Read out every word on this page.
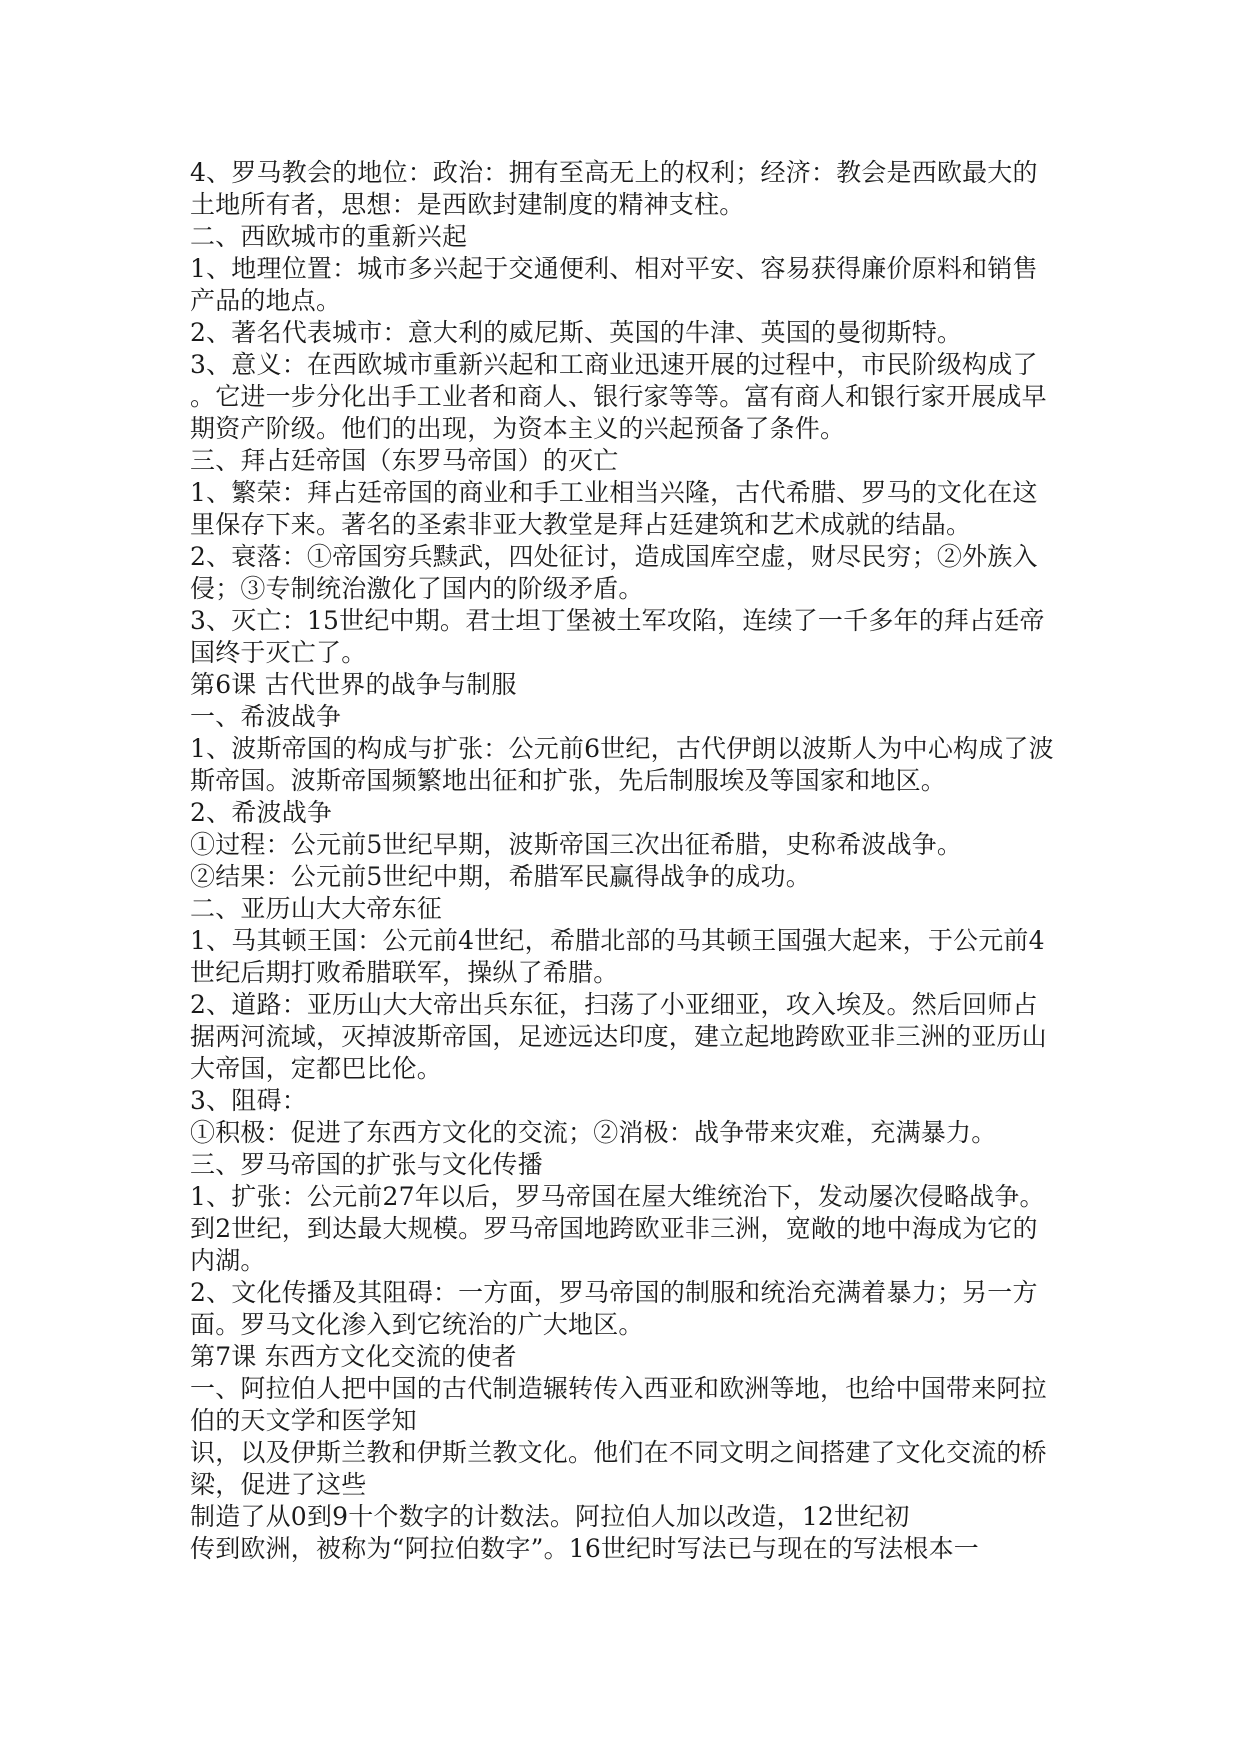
4、罗马教会的地位：政治：拥有至高无上的权利；经济：教会是西欧最大的

土地所有者，思想：是西欧封建制度的精神支柱。

二、西欧城市的重新兴起

1、地理位置：城市多兴起于交通便利、相对平安、容易获得廉价原料和销售

产品的地点。

2、著名代表城市：意大利的威尼斯、英国的牛津、英国的曼彻斯特。

3、意义：在西欧城市重新兴起和工商业迅速开展的过程中，市民阶级构成了

。它进一步分化出手工业者和商人、银行家等等。富有商人和银行家开展成早

期资产阶级。他们的出现，为资本主义的兴起预备了条件。

三、拜占廷帝国（东罗马帝国）的灭亡

1、繁荣：拜占廷帝国的商业和手工业相当兴隆，古代希腊、罗马的文化在这

里保存下来。著名的圣索非亚大教堂是拜占廷建筑和艺术成就的结晶。

2、衰落：①帝国穷兵黩武，四处征讨，造成国库空虚，财尽民穷；②外族入

侵；③专制统治激化了国内的阶级矛盾。

3、灭亡：15世纪中期。君士坦丁堡被土军攻陷，连续了一千多年的拜占廷帝

国终于灭亡了。

第6课 古代世界的战争与制服

一、希波战争

1、波斯帝国的构成与扩张：公元前6世纪，古代伊朗以波斯人为中心构成了波

斯帝国。波斯帝国频繁地出征和扩张，先后制服埃及等国家和地区。

2、希波战争

①过程：公元前5世纪早期，波斯帝国三次出征希腊，史称希波战争。

②结果：公元前5世纪中期，希腊军民赢得战争的成功。

二、亚历山大大帝东征

1、马其顿王国：公元前4世纪，希腊北部的马其顿王国强大起来，于公元前4

世纪后期打败希腊联军，操纵了希腊。

2、道路：亚历山大大帝出兵东征，扫荡了小亚细亚，攻入埃及。然后回师占

据两河流域，灭掉波斯帝国，足迹远达印度，建立起地跨欧亚非三洲的亚历山

大帝国，定都巴比伦。

3、阻碍：

①积极：促进了东西方文化的交流；②消极：战争带来灾难，充满暴力。

三、罗马帝国的扩张与文化传播

1、扩张：公元前27年以后，罗马帝国在屋大维统治下，发动屡次侵略战争。

到2世纪，到达最大规模。罗马帝国地跨欧亚非三洲，宽敞的地中海成为它的

内湖。

2、文化传播及其阻碍：一方面，罗马帝国的制服和统治充满着暴力；另一方

面。罗马文化渗入到它统治的广大地区。

第7课 东西方文化交流的使者

一、阿拉伯人把中国的古代制造辗转传入西亚和欧洲等地，也给中国带来阿拉

伯的天文学和医学知

识，以及伊斯兰教和伊斯兰教文化。他们在不同文明之间搭建了文化交流的桥

梁，促进了这些

制造了从0到9十个数字的计数法。阿拉伯人加以改造，12世纪初

传到欧洲，被称为“阿拉伯数字”。16世纪时写法已与现在的写法根本一
